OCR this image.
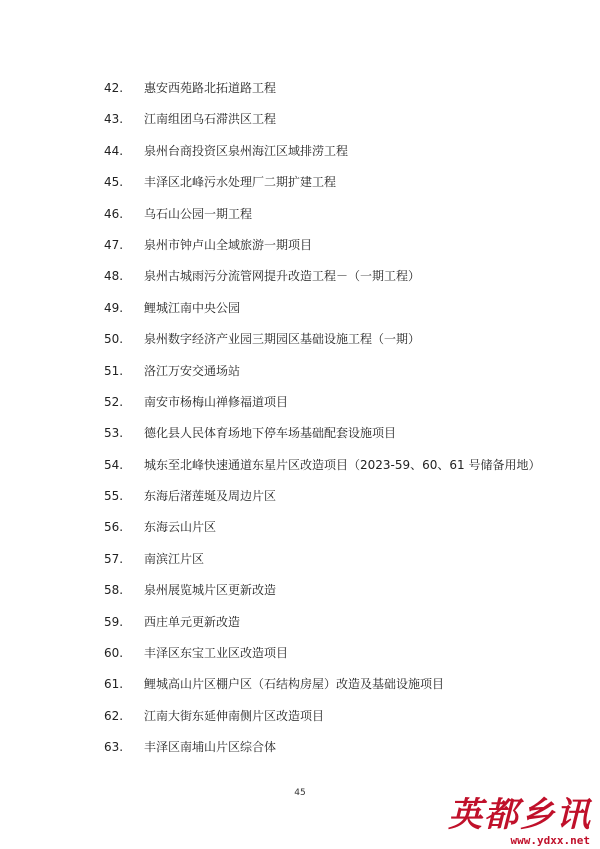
42.	惠安西苑路北拓道路工程
43.	江南组团乌石滞洪区工程
44.	泉州台商投资区泉州海江区域排涝工程
45.	丰泽区北峰污水处理厂二期扩建工程
46.	乌石山公园一期工程
47.	泉州市钟卢山全域旅游一期项目
48.	泉州古城雨污分流管网提升改造工程－（一期工程）
49.	鲤城江南中央公园
50.	泉州数字经济产业园三期园区基础设施工程（一期）
51.	洛江万安交通场站
52.	南安市杨梅山禅修福道项目
53.	德化县人民体育场地下停车场基础配套设施项目
54.	城东至北峰快速通道东星片区改造项目（2023-59、60、61 号储备用地）
55.	东海后渚莲埏及周边片区
56.	东海云山片区
57.	南滨江片区
58.	泉州展览城片区更新改造
59.	西庄单元更新改造
60.	丰泽区东宝工业区改造项目
61.	鲤城高山片区棚户区（石结构房屋）改造及基础设施项目
62.	江南大街东延伸南侧片区改造项目
63.	丰泽区南埔山片区综合体
45
英都乡讯
www.ydxx.net
